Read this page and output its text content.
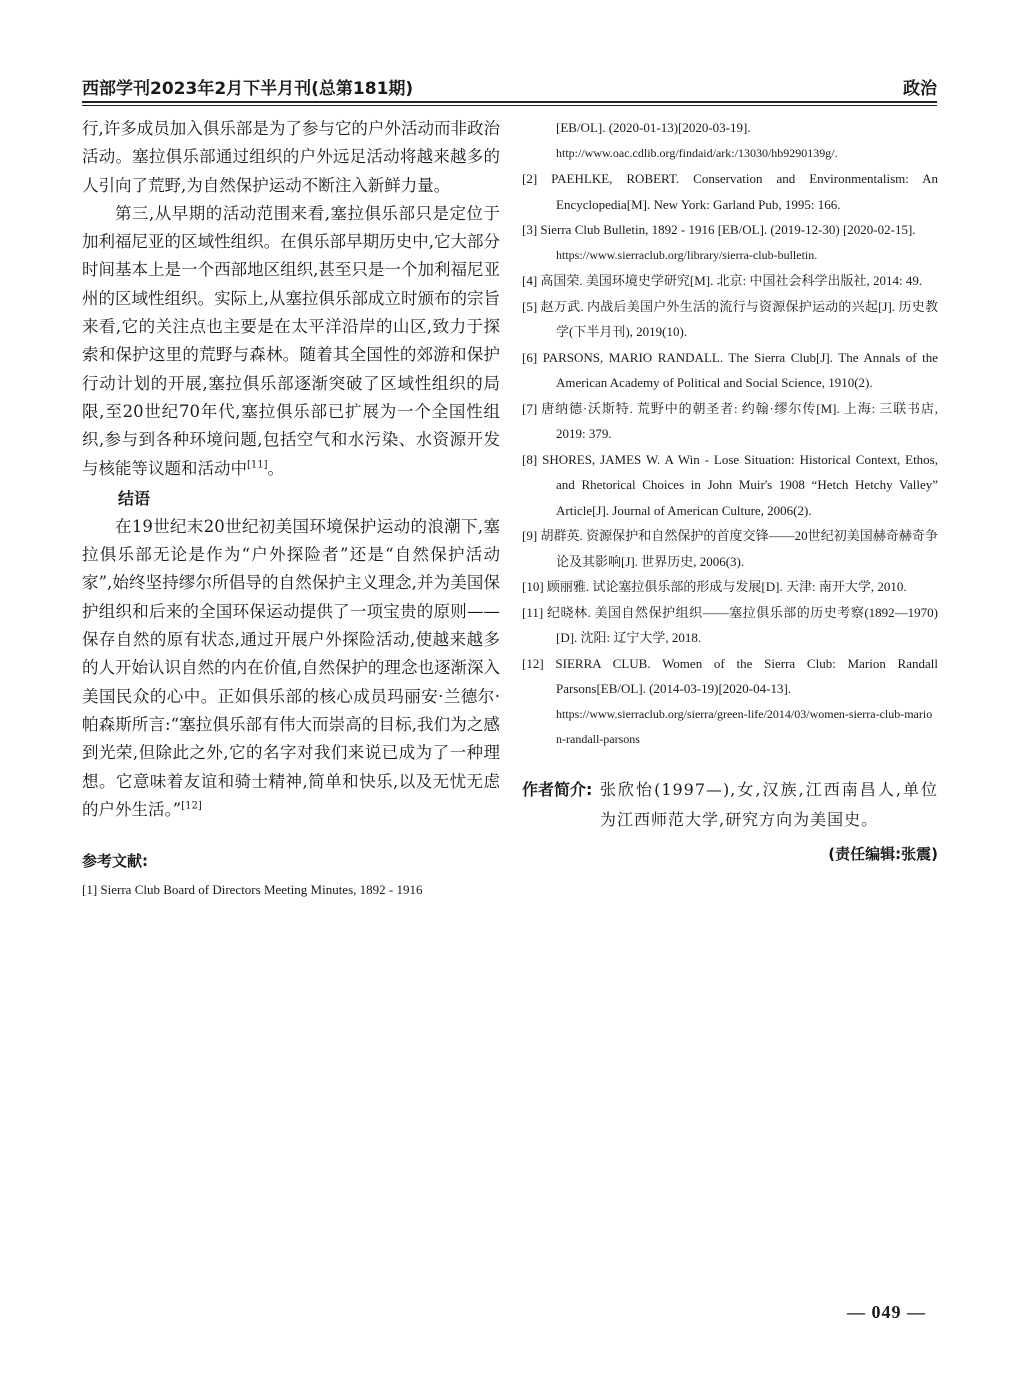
西部学刊2023年2月下半月刊(总第181期)	政治

行,许多成员加入俱乐部是为了参与它的户外活动而非政治活动。塞拉俱乐部通过组织的户外远足活动将越来越多的人引向了荒野,为自然保护运动不断注入新鲜力量。

第三,从早期的活动范围来看,塞拉俱乐部只是定位于加利福尼亚的区域性组织。在俱乐部早期历史中,它大部分时间基本上是一个西部地区组织,甚至只是一个加利福尼亚州的区域性组织。实际上,从塞拉俱乐部成立时颁布的宗旨来看,它的关注点也主要是在太平洋沿岸的山区,致力于探索和保护这里的荒野与森林。随着其全国性的郊游和保护行动计划的开展,塞拉俱乐部逐渐突破了区域性组织的局限,至20世纪70年代,塞拉俱乐部已扩展为一个全国性组织,参与到各种环境问题,包括空气和水污染、水资源开发与核能等议题和活动中[11]。

结语

在19世纪末20世纪初美国环境保护运动的浪潮下,塞拉俱乐部无论是作为“户外探险者”还是“自然保护活动家”,始终坚持缪尔所倡导的自然保护主义理念,并为美国保护组织和后来的全国环保运动提供了一项宝贵的原则——保存自然的原有状态,通过开展户外探险活动,使越来越多的人开始认识自然的内在价值,自然保护的理念也逐渐深入美国民众的心中。正如俱乐部的核心成员玛丽安·兰德尔·帕森斯所言:“塞拉俱乐部有伟大而崇高的目标,我们为之感到光荣,但除此之外,它的名字对我们来说已成为了一种理想。它意味着友谊和骑士精神,简单和快乐,以及无忧无虑的户外生活。”[12]

参考文献:

[1] Sierra Club Board of Directors Meeting Minutes, 1892 - 1916

[EB/OL]. (2020-01-13)[2020-03-19].

http://www.oac.cdlib.org/findaid/ark:/13030/hb9290139g/.

[2] PAEHLKE, ROBERT. Conservation and Environmentalism: An Encyclopedia[M]. New York: Garland Pub, 1995: 166.

[3] Sierra Club Bulletin, 1892 - 1916 [EB/OL]. (2019-12-30) [2020-02-15].

https://www.sierraclub.org/library/sierra-club-bulletin.

[4] 高国荣. 美国环境史学研究[M]. 北京: 中国社会科学出版社, 2014: 49.

[5] 赵万武. 内战后美国户外生活的流行与资源保护运动的兴起[J]. 历史教学(下半月刊), 2019(10).

[6] PARSONS, MARIO RANDALL. The Sierra Club[J]. The Annals of the American Academy of Political and Social Science, 1910(2).

[7] 唐纳德·沃斯特. 荒野中的朝圣者: 约翰·缪尔传[M]. 上海: 三联书店, 2019: 379.

[8] SHORES, JAMES W. A Win - Lose Situation: Historical Context, Ethos, and Rhetorical Choices in John Muir's 1908 “Hetch Hetchy Valley” Article[J]. Journal of American Culture, 2006(2).

[9] 胡群英. 资源保护和自然保护的首度交锋——20世纪初美国赫奇赫奇争论及其影响[J]. 世界历史, 2006(3).

[10] 顾丽雅. 试论塞拉俱乐部的形成与发展[D]. 天津: 南开大学, 2010.

[11] 纪晓林. 美国自然保护组织——塞拉俱乐部的历史考察(1892—1970)[D]. 沈阳: 辽宁大学, 2018.

[12] SIERRA CLUB. Women of the Sierra Club: Marion Randall Parsons[EB/OL]. (2014-03-19)[2020-04-13].

https://www.sierraclub.org/sierra/green-life/2014/03/women-sierra-club-marion-randall-parsons

作者简介: 张欣怡(1997—),女,汉族,江西南昌人,单位为江西师范大学,研究方向为美国史。
(责任编辑:张震)
— 049 —
